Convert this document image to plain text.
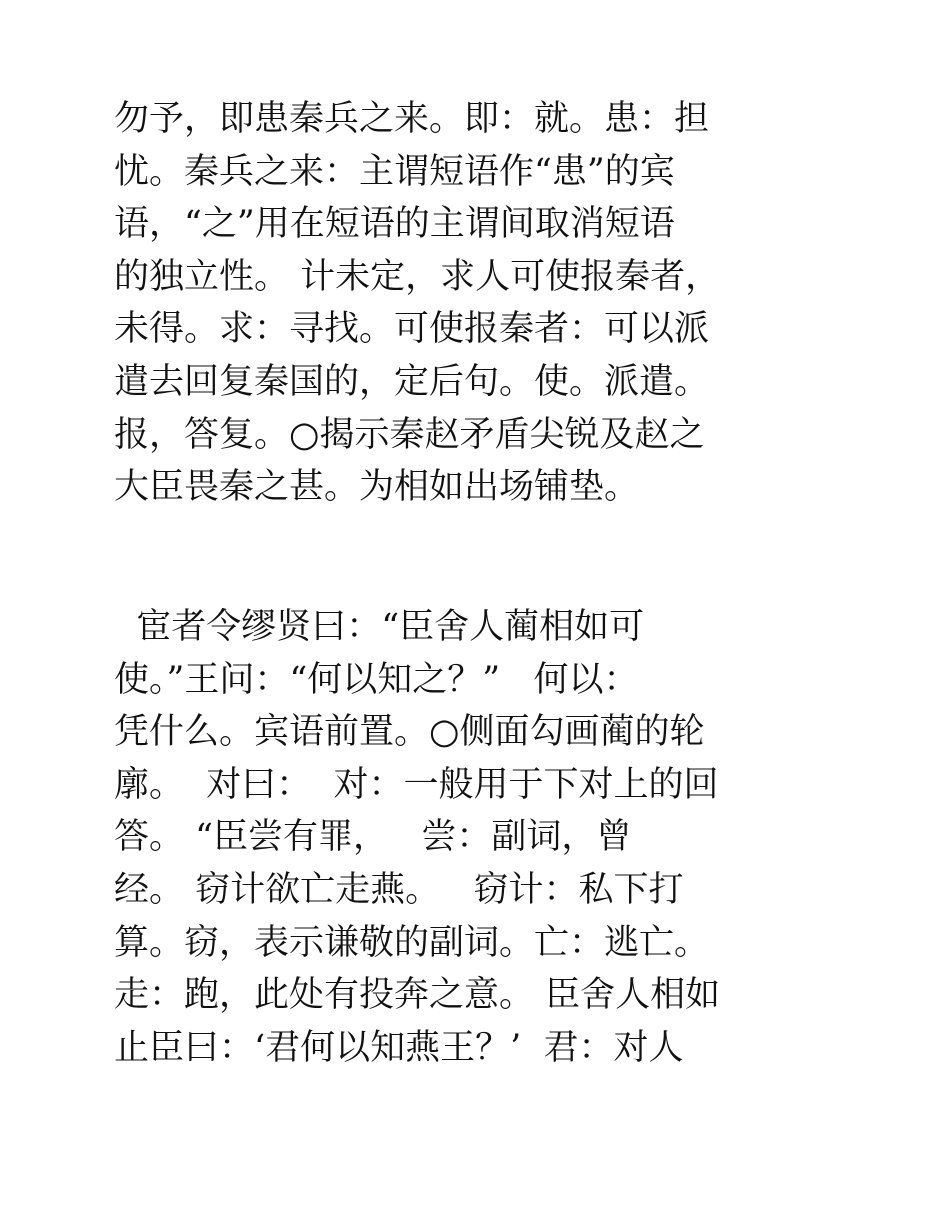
勿予，即患秦兵之来。即：就。患：担
忧。秦兵之来：主谓短语作“患”的宾
语，“之”用在短语的主谓间取消短语
的独立性。 计未定，求人可使报秦者，
未得。求：寻找。可使报秦者：可以派
遣去回复秦国的，定后句。使。派遣。
报，答复。○揭示秦赵矛盾尖锐及赵之
大臣畏秦之甚。为相如出场铺垫。
宦者令缪贤曰：“臣舍人蔺相如可
使。”王问：“何以知之？”   何以：
凭什么。宾语前置。○侧面勾画蔺的轮
廓。  对曰：  对：一般用于下对上的回
答。 “臣尝有罪，   尝：副词，曾
经。 窃计欲亡走燕。   窃计：私下打
算。窃，表示谦敬的副词。亡：逃亡。
走：跑，此处有投奔之意。 臣舍人相如
止臣曰：‘君何以知燕王？’  君：对人
